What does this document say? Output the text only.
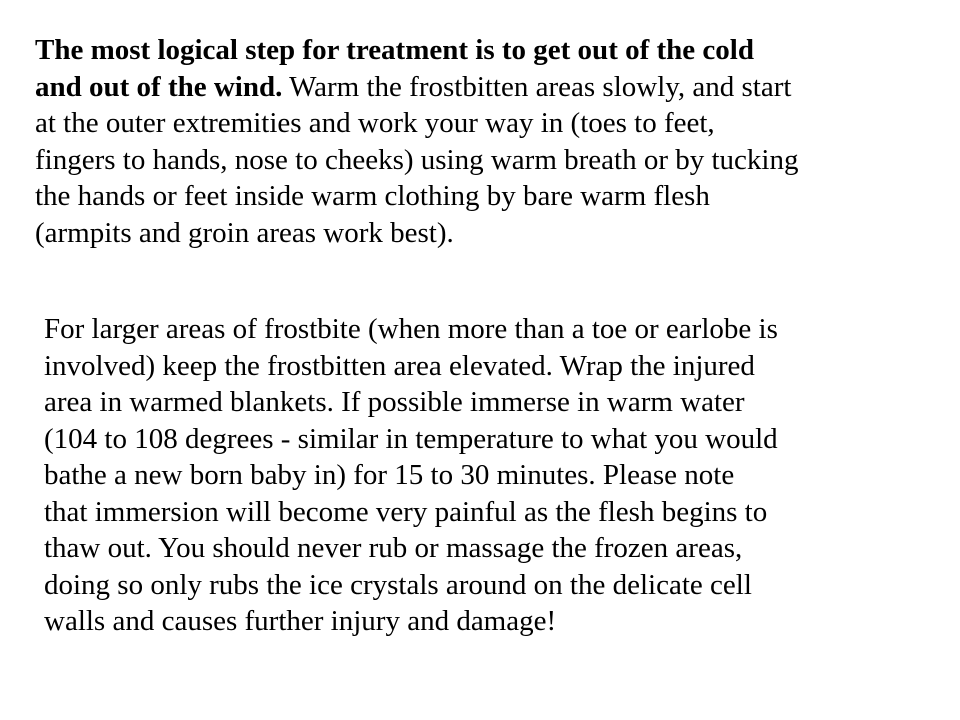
The most logical step for treatment is to get out of the cold
and out of the wind. Warm the frostbitten areas slowly, and start
at the outer extremities and work your way in (toes to feet,
fingers to hands, nose to cheeks) using warm breath or by tucking
the hands or feet inside warm clothing by bare warm flesh
(armpits and groin areas work best).
For larger areas of frostbite (when more than a toe or earlobe is
involved) keep the frostbitten area elevated. Wrap the injured
area in warmed blankets. If possible immerse in warm water
(104 to 108 degrees - similar in temperature to what you would
bathe a new born baby in) for 15 to 30 minutes. Please note
that immersion will become very painful as the flesh begins to
thaw out. You should never rub or massage the frozen areas,
doing so only rubs the ice crystals around on the delicate cell
walls and causes further injury and damage!
